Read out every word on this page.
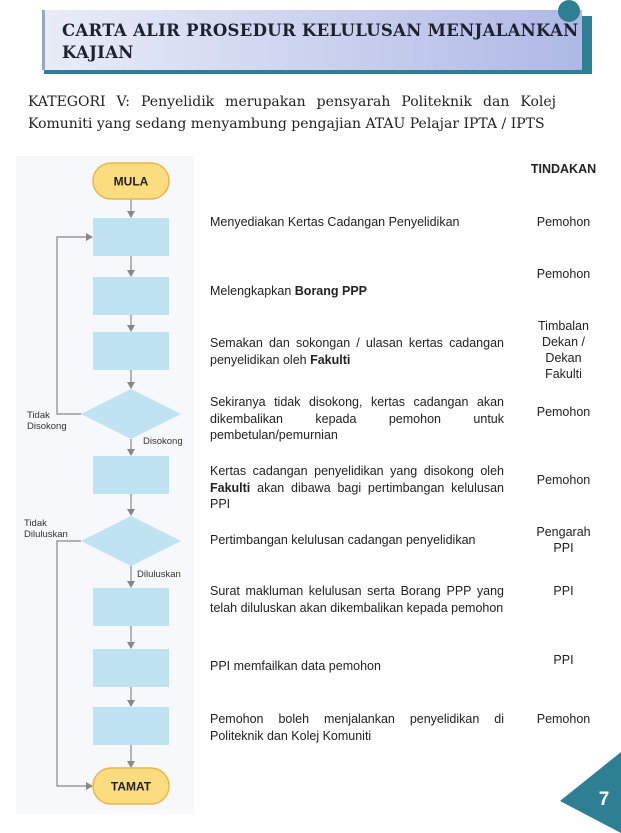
CARTA ALIR PROSEDUR KELULUSAN MENJALANKAN
KAJIAN
KATEGORI V: Penyelidik merupakan pensyarah Politeknik dan Kolej
Komuniti yang sedang menyambung pengajian ATAU Pelajar IPTA / IPTS
TINDAKAN
Menyediakan Kertas Cadangan Penyelidikan
Melengkapkan Borang PPP
Semakan dan sokongan / ulasan kertas cadangan penyelidikan oleh Fakulti
Sekiranya tidak disokong, kertas cadangan akan dikembalikan kepada pemohon untuk pembetulan/pemurnian
Kertas cadangan penyelidikan yang disokong oleh Fakulti akan dibawa bagi pertimbangan kelulusan PPI
Pertimbangan kelulusan cadangan penyelidikan
Surat makluman kelulusan serta Borang PPP yang telah diluluskan akan dikembalikan kepada pemohon
PPI memfailkan data pemohon
Pemohon boleh menjalankan penyelidikan di Politeknik dan Kolej Komuniti
Pemohon
Pemohon
Timbalan Dekan / Dekan Fakulti
Pemohon
Pemohon
Pengarah PPI
PPI
PPI
Pemohon
MULA
TAMAT
Tidak
Disokong
Disokong
Tidak
Diluluskan
Diluluskan
7
